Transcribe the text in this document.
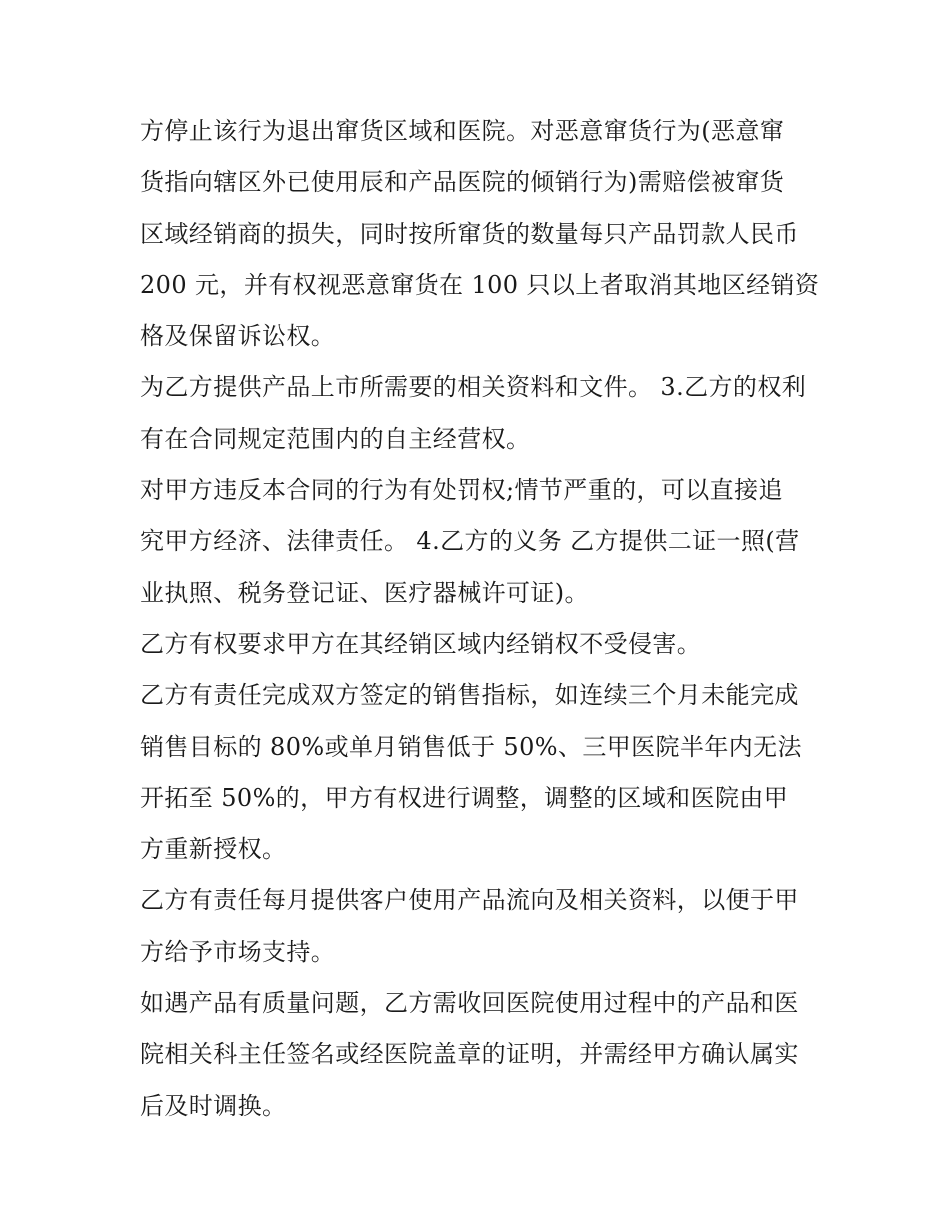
方停止该行为退出窜货区域和医院。对恶意窜货行为(恶意窜
货指向辖区外已使用辰和产品医院的倾销行为)需赔偿被窜货
区域经销商的损失，同时按所窜货的数量每只产品罚款人民币
200 元，并有权视恶意窜货在 100 只以上者取消其地区经销资
格及保留诉讼权。
为乙方提供产品上市所需要的相关资料和文件。 3.乙方的权利
有在合同规定范围内的自主经营权。
对甲方违反本合同的行为有处罚权;情节严重的，可以直接追
究甲方经济、法律责任。 4.乙方的义务 乙方提供二证一照(营
业执照、税务登记证、医疗器械许可证)。
乙方有权要求甲方在其经销区域内经销权不受侵害。
乙方有责任完成双方签定的销售指标，如连续三个月未能完成
销售目标的 80%或单月销售低于 50%、三甲医院半年内无法
开拓至 50%的，甲方有权进行调整，调整的区域和医院由甲
方重新授权。
乙方有责任每月提供客户使用产品流向及相关资料，以便于甲
方给予市场支持。
如遇产品有质量问题，乙方需收回医院使用过程中的产品和医
院相关科主任签名或经医院盖章的证明，并需经甲方确认属实
后及时调换。
